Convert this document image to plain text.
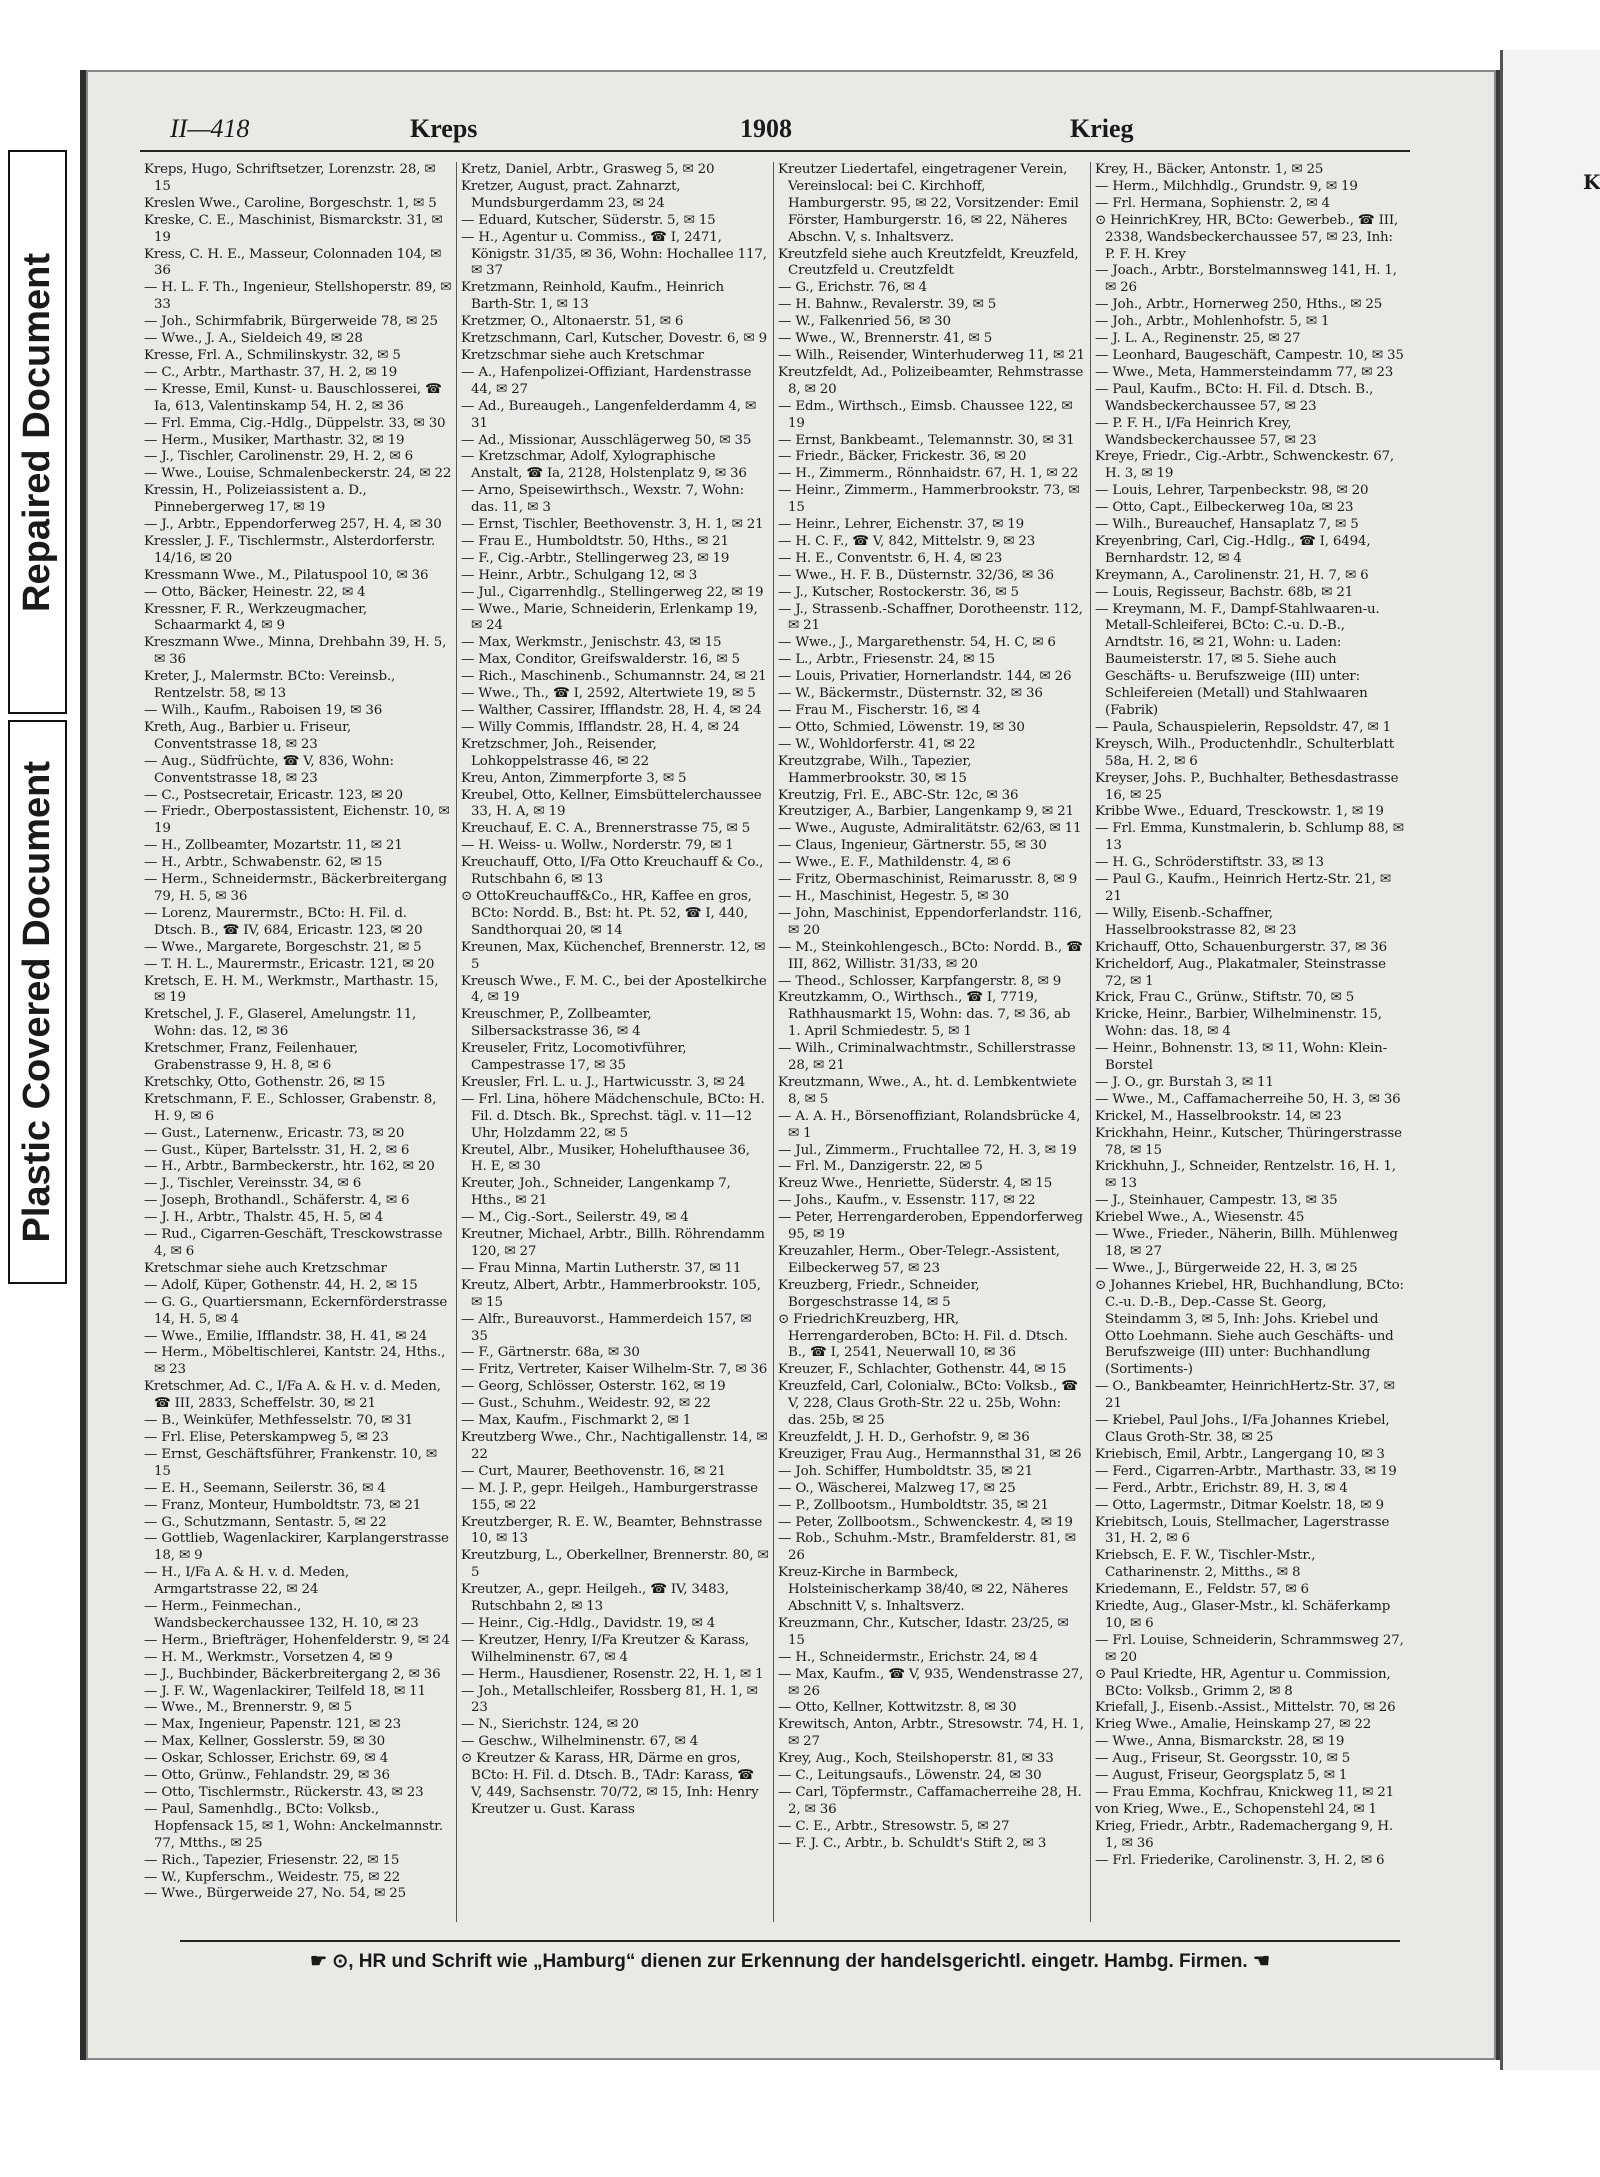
Repaired Document
Plastic Covered Document
K
II—418	Kreps	1908	Krieg

Kreps, Hugo, Schriftsetzer, Lorenzstr. 28, ✉ 15

Kreslen Wwe., Caroline, Borgeschstr. 1, ✉ 5

Kreske, C. E., Maschinist, Bismarckstr. 31, ✉ 19

Kress, C. H. E., Masseur, Colonnaden 104, ✉ 36

— H. L. F. Th., Ingenieur, Stellshoperstr. 89, ✉ 33

— Joh., Schirmfabrik, Bürgerweide 78, ✉ 25

— Wwe., J. A., Sieldeich 49, ✉ 28

Kresse, Frl. A., Schmilinskystr. 32, ✉ 5

— C., Arbtr., Marthastr. 37, H. 2, ✉ 19

— Kresse, Emil, Kunst- u. Bauschlosserei, ☎ Ia, 613, Valentinskamp 54, H. 2, ✉ 36

— Frl. Emma, Cig.-Hdlg., Düppelstr. 33, ✉ 30

— Herm., Musiker, Marthastr. 32, ✉ 19

— J., Tischler, Carolinenstr. 29, H. 2, ✉ 6

— Wwe., Louise, Schmalenbeckerstr. 24, ✉ 22

Kressin, H., Polizeiassistent a. D., Pinnebergerweg 17, ✉ 19

— J., Arbtr., Eppendorferweg 257, H. 4, ✉ 30

Kressler, J. F., Tischlermstr., Alsterdorferstr. 14/16, ✉ 20

Kressmann Wwe., M., Pilatuspool 10, ✉ 36

— Otto, Bäcker, Heinestr. 22, ✉ 4

Kressner, F. R., Werkzeugmacher, Schaarmarkt 4, ✉ 9

Kreszmann Wwe., Minna, Drehbahn 39, H. 5, ✉ 36

Kreter, J., Malermstr. BCto: Vereinsb., Rentzelstr. 58, ✉ 13

— Wilh., Kaufm., Raboisen 19, ✉ 36

Kreth, Aug., Barbier u. Friseur, Conventstrasse 18, ✉ 23

— Aug., Südfrüchte, ☎ V, 836, Wohn: Conventstrasse 18, ✉ 23

— C., Postsecretair, Ericastr. 123, ✉ 20

— Friedr., Oberpostassistent, Eichenstr. 10, ✉ 19

— H., Zollbeamter, Mozartstr. 11, ✉ 21

— H., Arbtr., Schwabenstr. 62, ✉ 15

— Herm., Schneidermstr., Bäckerbreitergang 79, H. 5, ✉ 36

— Lorenz, Maurermstr., BCto: H. Fil. d. Dtsch. B., ☎ IV, 684, Ericastr. 123, ✉ 20

— Wwe., Margarete, Borgeschstr. 21, ✉ 5

— T. H. L., Maurermstr., Ericastr. 121, ✉ 20

Kretsch, E. H. M., Werkmstr., Marthastr. 15, ✉ 19

Kretschel, J. F., Glaserel, Amelungstr. 11, Wohn: das. 12, ✉ 36

Kretschmer, Franz, Feilenhauer, Grabenstrasse 9, H. 8, ✉ 6

Kretschky, Otto, Gothenstr. 26, ✉ 15

Kretschmann, F. E., Schlosser, Grabenstr. 8, H. 9, ✉ 6

— Gust., Laternenw., Ericastr. 73, ✉ 20

— Gust., Küper, Bartelsstr. 31, H. 2, ✉ 6

— H., Arbtr., Barmbeckerstr., htr. 162, ✉ 20

— J., Tischler, Vereinsstr. 34, ✉ 6

— Joseph, Brothandl., Schäferstr. 4, ✉ 6

— J. H., Arbtr., Thalstr. 45, H. 5, ✉ 4

— Rud., Cigarren-Geschäft, Tresckowstrasse 4, ✉ 6

Kretschmar siehe auch Kretzschmar

— Adolf, Küper, Gothenstr. 44, H. 2, ✉ 15

— G. G., Quartiersmann, Eckernförderstrasse 14, H. 5, ✉ 4

— Wwe., Emilie, Ifflandstr. 38, H. 41, ✉ 24

— Herm., Möbeltischlerei, Kantstr. 24, Hths., ✉ 23

Kretschmer, Ad. C., I/Fa A. & H. v. d. Meden, ☎ III, 2833, Scheffelstr. 30, ✉ 21

— B., Weinküfer, Methfesselstr. 70, ✉ 31

— Frl. Elise, Peterskampweg 5, ✉ 23

— Ernst, Geschäftsführer, Frankenstr. 10, ✉ 15

— E. H., Seemann, Seilerstr. 36, ✉ 4

— Franz, Monteur, Humboldtstr. 73, ✉ 21

— G., Schutzmann, Sentastr. 5, ✉ 22

— Gottlieb, Wagenlackirer, Karplangerstrasse 18, ✉ 9

— H., I/Fa A. & H. v. d. Meden, Armgartstrasse 22, ✉ 24

— Herm., Feinmechan., Wandsbeckerchaussee 132, H. 10, ✉ 23

— Herm., Briefträger, Hohenfelderstr. 9, ✉ 24

— H. M., Werkmstr., Vorsetzen 4, ✉ 9

— J., Buchbinder, Bäckerbreitergang 2, ✉ 36

— J. F. W., Wagenlackirer, Teilfeld 18, ✉ 11

— Wwe., M., Brennerstr. 9, ✉ 5

— Max, Ingenieur, Papenstr. 121, ✉ 23

— Max, Kellner, Gosslerstr. 59, ✉ 30

— Oskar, Schlosser, Erichstr. 69, ✉ 4

— Otto, Grünw., Fehlandstr. 29, ✉ 36

— Otto, Tischlermstr., Rückerstr. 43, ✉ 23

— Paul, Samenhdlg., BCto: Volksb., Hopfensack 15, ✉ 1, Wohn: Anckelmannstr. 77, Mtths., ✉ 25

— Rich., Tapezier, Friesenstr. 22, ✉ 15

— W., Kupferschm., Weidestr. 75, ✉ 22

— Wwe., Bürgerweide 27, No. 54, ✉ 25

Kretz, Daniel, Arbtr., Grasweg 5, ✉ 20

Kretzer, August, pract. Zahnarzt, Mundsburgerdamm 23, ✉ 24

— Eduard, Kutscher, Süderstr. 5, ✉ 15

— H., Agentur u. Commiss., ☎ I, 2471, Königstr. 31/35, ✉ 36, Wohn: Hochallee 117, ✉ 37

Kretzmann, Reinhold, Kaufm., Heinrich Barth-Str. 1, ✉ 13

Kretzmer, O., Altonaerstr. 51, ✉ 6

Kretzschmann, Carl, Kutscher, Dovestr. 6, ✉ 9

Kretzschmar siehe auch Kretschmar

— A., Hafenpolizei-Offiziant, Hardenstrasse 44, ✉ 27

— Ad., Bureaugeh., Langenfelderdamm 4, ✉ 31

— Ad., Missionar, Ausschlägerweg 50, ✉ 35

— Kretzschmar, Adolf, Xylographische Anstalt, ☎ Ia, 2128, Holstenplatz 9, ✉ 36

— Arno, Speisewirthsch., Wexstr. 7, Wohn: das. 11, ✉ 3

— Ernst, Tischler, Beethovenstr. 3, H. 1, ✉ 21

— Frau E., Humboldtstr. 50, Hths., ✉ 21

— F., Cig.-Arbtr., Stellingerweg 23, ✉ 19

— Heinr., Arbtr., Schulgang 12, ✉ 3

— Jul., Cigarrenhdlg., Stellingerweg 22, ✉ 19

— Wwe., Marie, Schneiderin, Erlenkamp 19, ✉ 24

— Max, Werkmstr., Jenischstr. 43, ✉ 15

— Max, Conditor, Greifswalderstr. 16, ✉ 5

— Rich., Maschinenb., Schumannstr. 24, ✉ 21

— Wwe., Th., ☎ I, 2592, Altertwiete 19, ✉ 5

— Walther, Cassirer, Ifflandstr. 28, H. 4, ✉ 24

— Willy Commis, Ifflandstr. 28, H. 4, ✉ 24

Kretzschmer, Joh., Reisender, Lohkoppelstrasse 46, ✉ 22

Kreu, Anton, Zimmerpforte 3, ✉ 5

Kreubel, Otto, Kellner, Eimsbüttelerchaussee 33, H. A, ✉ 19

Kreuchauf, E. C. A., Brennerstrasse 75, ✉ 5

— H. Weiss- u. Wollw., Norderstr. 79, ✉ 1

Kreuchauff, Otto, I/Fa Otto Kreuchauff & Co., Rutschbahn 6, ✉ 13

⊙ OttoKreuchauff&Co., HR, Kaffee en gros, BCto: Nordd. B., Bst: ht. Pt. 52, ☎ I, 440, Sandthorquai 20, ✉ 14

Kreunen, Max, Küchenchef, Brennerstr. 12, ✉ 5

Kreusch Wwe., F. M. C., bei der Apostelkirche 4, ✉ 19

Kreuschmer, P., Zollbeamter, Silbersackstrasse 36, ✉ 4

Kreuseler, Fritz, Locomotivführer, Campestrasse 17, ✉ 35

Kreusler, Frl. L. u. J., Hartwicusstr. 3, ✉ 24

— Frl. Lina, höhere Mädchenschule, BCto: H. Fil. d. Dtsch. Bk., Sprechst. tägl. v. 11—12 Uhr, Holzdamm 22, ✉ 5

Kreutel, Albr., Musiker, Hohelufthausee 36, H. E, ✉ 30

Kreuter, Joh., Schneider, Langenkamp 7, Hths., ✉ 21

— M., Cig.-Sort., Seilerstr. 49, ✉ 4

Kreutner, Michael, Arbtr., Billh. Röhrendamm 120, ✉ 27

— Frau Minna, Martin Lutherstr. 37, ✉ 11

Kreutz, Albert, Arbtr., Hammerbrookstr. 105, ✉ 15

— Alfr., Bureauvorst., Hammerdeich 157, ✉ 35

— F., Gärtnerstr. 68a, ✉ 30

— Fritz, Vertreter, Kaiser Wilhelm-Str. 7, ✉ 36

— Georg, Schlösser, Osterstr. 162, ✉ 19

— Gust., Schuhm., Weidestr. 92, ✉ 22

— Max, Kaufm., Fischmarkt 2, ✉ 1

Kreutzberg Wwe., Chr., Nachtigallenstr. 14, ✉ 22

— Curt, Maurer, Beethovenstr. 16, ✉ 21

— M. J. P., gepr. Heilgeh., Hamburgerstrasse 155, ✉ 22

Kreutzberger, R. E. W., Beamter, Behnstrasse 10, ✉ 13

Kreutzburg, L., Oberkellner, Brennerstr. 80, ✉ 5

Kreutzer, A., gepr. Heilgeh., ☎ IV, 3483, Rutschbahn 2, ✉ 13

— Heinr., Cig.-Hdlg., Davidstr. 19, ✉ 4

— Kreutzer, Henry, I/Fa Kreutzer & Karass, Wilhelminenstr. 67, ✉ 4

— Herm., Hausdiener, Rosenstr. 22, H. 1, ✉ 1

— Joh., Metallschleifer, Rossberg 81, H. 1, ✉ 23

— N., Sierichstr. 124, ✉ 20

— Geschw., Wilhelminenstr. 67, ✉ 4

⊙ Kreutzer & Karass, HR, Därme en gros, BCto: H. Fil. d. Dtsch. B., TAdr: Karass, ☎ V, 449, Sachsenstr. 70/72, ✉ 15, Inh: Henry Kreutzer u. Gust. Karass

Kreutzer Liedertafel, eingetragener Verein, Vereinslocal: bei C. Kirchhoff, Hamburgerstr. 95, ✉ 22, Vorsitzender: Emil Förster, Hamburgerstr. 16, ✉ 22, Näheres Abschn. V, s. Inhaltsverz.

Kreutzfeld siehe auch Kreutzfeldt, Kreuzfeld, Creutzfeld u. Creutzfeldt

— G., Erichstr. 76, ✉ 4

— H. Bahnw., Revalerstr. 39, ✉ 5

— W., Falkenried 56, ✉ 30

— Wwe., W., Brennerstr. 41, ✉ 5

— Wilh., Reisender, Winterhuderweg 11, ✉ 21

Kreutzfeldt, Ad., Polizeibeamter, Rehmstrasse 8, ✉ 20

— Edm., Wirthsch., Eimsb. Chaussee 122, ✉ 19

— Ernst, Bankbeamt., Telemannstr. 30, ✉ 31

— Friedr., Bäcker, Frickestr. 36, ✉ 20

— H., Zimmerm., Rönnhaidstr. 67, H. 1, ✉ 22

— Heinr., Zimmerm., Hammerbrookstr. 73, ✉ 15

— Heinr., Lehrer, Eichenstr. 37, ✉ 19

— H. C. F., ☎ V, 842, Mittelstr. 9, ✉ 23

— H. E., Conventstr. 6, H. 4, ✉ 23

— Wwe., H. F. B., Düsternstr. 32/36, ✉ 36

— J., Kutscher, Rostockerstr. 36, ✉ 5

— J., Strassenb.-Schaffner, Dorotheenstr. 112, ✉ 21

— Wwe., J., Margarethenstr. 54, H. C, ✉ 6

— L., Arbtr., Friesenstr. 24, ✉ 15

— Louis, Privatier, Hornerlandstr. 144, ✉ 26

— W., Bäckermstr., Düsternstr. 32, ✉ 36

— Frau M., Fischerstr. 16, ✉ 4

— Otto, Schmied, Löwenstr. 19, ✉ 30

— W., Wohldorferstr. 41, ✉ 22

Kreutzgrabe, Wilh., Tapezier, Hammerbrookstr. 30, ✉ 15

Kreutzig, Frl. E., ABC-Str. 12c, ✉ 36

Kreutziger, A., Barbier, Langenkamp 9, ✉ 21

— Wwe., Auguste, Admiralitätstr. 62/63, ✉ 11

— Claus, Ingenieur, Gärtnerstr. 55, ✉ 30

— Wwe., E. F., Mathildenstr. 4, ✉ 6

— Fritz, Obermaschinist, Reimarusstr. 8, ✉ 9

— H., Maschinist, Hegestr. 5, ✉ 30

— John, Maschinist, Eppendorferlandstr. 116, ✉ 20

— M., Steinkohlengesch., BCto: Nordd. B., ☎ III, 862, Willistr. 31/33, ✉ 20

— Theod., Schlosser, Karpfangerstr. 8, ✉ 9

Kreutzkamm, O., Wirthsch., ☎ I, 7719, Rathhausmarkt 15, Wohn: das. 7, ✉ 36, ab 1. April Schmiedestr. 5, ✉ 1

— Wilh., Criminalwachtmstr., Schillerstrasse 28, ✉ 21

Kreutzmann, Wwe., A., ht. d. Lembkentwiete 8, ✉ 5

— A. A. H., Börsenoffiziant, Rolandsbrücke 4, ✉ 1

— Jul., Zimmerm., Fruchtallee 72, H. 3, ✉ 19

— Frl. M., Danzigerstr. 22, ✉ 5

Kreuz Wwe., Henriette, Süderstr. 4, ✉ 15

— Johs., Kaufm., v. Essenstr. 117, ✉ 22

— Peter, Herrengarderoben, Eppendorferweg 95, ✉ 19

Kreuzahler, Herm., Ober-Telegr.-Assistent, Eilbeckerweg 57, ✉ 23

Kreuzberg, Friedr., Schneider, Borgeschstrasse 14, ✉ 5

⊙ FriedrichKreuzberg, HR, Herrengarderoben, BCto: H. Fil. d. Dtsch. B., ☎ I, 2541, Neuerwall 10, ✉ 36

Kreuzer, F., Schlachter, Gothenstr. 44, ✉ 15

Kreuzfeld, Carl, Colonialw., BCto: Volksb., ☎ V, 228, Claus Groth-Str. 22 u. 25b, Wohn: das. 25b, ✉ 25

Kreuzfeldt, J. H. D., Gerhofstr. 9, ✉ 36

Kreuziger, Frau Aug., Hermannsthal 31, ✉ 26

— Joh. Schiffer, Humboldtstr. 35, ✉ 21

— O., Wäscherei, Malzweg 17, ✉ 25

— P., Zollbootsm., Humboldtstr. 35, ✉ 21

— Peter, Zollbootsm., Schwenckestr. 4, ✉ 19

— Rob., Schuhm.-Mstr., Bramfelderstr. 81, ✉ 26

Kreuz-Kirche in Barmbeck, Holsteinischerkamp 38/40, ✉ 22, Näheres Abschnitt V, s. Inhaltsverz.

Kreuzmann, Chr., Kutscher, Idastr. 23/25, ✉ 15

— H., Schneidermstr., Erichstr. 24, ✉ 4

— Max, Kaufm., ☎ V, 935, Wendenstrasse 27, ✉ 26

— Otto, Kellner, Kottwitzstr. 8, ✉ 30

Krewitsch, Anton, Arbtr., Stresowstr. 74, H. 1, ✉ 27

Krey, Aug., Koch, Steilshoperstr. 81, ✉ 33

— C., Leitungsaufs., Löwenstr. 24, ✉ 30

— Carl, Töpfermstr., Caffamacherreihe 28, H. 2, ✉ 36

— C. E., Arbtr., Stresowstr. 5, ✉ 27

— F. J. C., Arbtr., b. Schuldt's Stift 2, ✉ 3

Krey, H., Bäcker, Antonstr. 1, ✉ 25

— Herm., Milchhdlg., Grundstr. 9, ✉ 19

— Frl. Hermana, Sophienstr. 2, ✉ 4

⊙ HeinrichKrey, HR, BCto: Gewerbeb., ☎ III, 2338, Wandsbeckerchaussee 57, ✉ 23, Inh: P. F. H. Krey

— Joach., Arbtr., Borstelmannsweg 141, H. 1, ✉ 26

— Joh., Arbtr., Hornerweg 250, Hths., ✉ 25

— Joh., Arbtr., Mohlenhofstr. 5, ✉ 1

— J. L. A., Reginenstr. 25, ✉ 27

— Leonhard, Baugeschäft, Campestr. 10, ✉ 35

— Wwe., Meta, Hammersteindamm 77, ✉ 23

— Paul, Kaufm., BCto: H. Fil. d. Dtsch. B., Wandsbeckerchaussee 57, ✉ 23

— P. F. H., I/Fa Heinrich Krey, Wandsbeckerchaussee 57, ✉ 23

Kreye, Friedr., Cig.-Arbtr., Schwenckestr. 67, H. 3, ✉ 19

— Louis, Lehrer, Tarpenbeckstr. 98, ✉ 20

— Otto, Capt., Eilbeckerweg 10a, ✉ 23

— Wilh., Bureauchef, Hansaplatz 7, ✉ 5

Kreyenbring, Carl, Cig.-Hdlg., ☎ I, 6494, Bernhardstr. 12, ✉ 4

Kreymann, A., Carolinenstr. 21, H. 7, ✉ 6

— Louis, Regisseur, Bachstr. 68b, ✉ 21

— Kreymann, M. F., Dampf-Stahlwaaren-u. Metall-Schleiferei, BCto: C.-u. D.-B., Arndtstr. 16, ✉ 21, Wohn: u. Laden: Baumeisterstr. 17, ✉ 5. Siehe auch Geschäfts- u. Berufszweige (III) unter: Schleifereien (Metall) und Stahlwaaren (Fabrik)

— Paula, Schauspielerin, Repsoldstr. 47, ✉ 1

Kreysch, Wilh., Productenhdlr., Schulterblatt 58a, H. 2, ✉ 6

Kreyser, Johs. P., Buchhalter, Bethesdastrasse 16, ✉ 25

Kribbe Wwe., Eduard, Tresckowstr. 1, ✉ 19

— Frl. Emma, Kunstmalerin, b. Schlump 88, ✉ 13

— H. G., Schröderstiftstr. 33, ✉ 13

— Paul G., Kaufm., Heinrich Hertz-Str. 21, ✉ 21

— Willy, Eisenb.-Schaffner, Hasselbrookstrasse 82, ✉ 23

Krichauff, Otto, Schauenburgerstr. 37, ✉ 36

Kricheldorf, Aug., Plakatmaler, Steinstrasse 72, ✉ 1

Krick, Frau C., Grünw., Stiftstr. 70, ✉ 5

Kricke, Heinr., Barbier, Wilhelminenstr. 15, Wohn: das. 18, ✉ 4

— Heinr., Bohnenstr. 13, ✉ 11, Wohn: Klein-Borstel

— J. O., gr. Burstah 3, ✉ 11

— Wwe., M., Caffamacherreihe 50, H. 3, ✉ 36

Krickel, M., Hasselbrookstr. 14, ✉ 23

Krickhahn, Heinr., Kutscher, Thüringerstrasse 78, ✉ 15

Krickhuhn, J., Schneider, Rentzelstr. 16, H. 1, ✉ 13

— J., Steinhauer, Campestr. 13, ✉ 35

Kriebel Wwe., A., Wiesenstr. 45

— Wwe., Frieder., Näherin, Billh. Mühlenweg 18, ✉ 27

— Wwe., J., Bürgerweide 22, H. 3, ✉ 25

⊙ Johannes Kriebel, HR, Buchhandlung, BCto: C.-u. D.-B., Dep.-Casse St. Georg, Steindamm 3, ✉ 5, Inh: Johs. Kriebel und Otto Loehmann. Siehe auch Geschäfts- und Berufszweige (III) unter: Buchhandlung (Sortiments-)

— O., Bankbeamter, HeinrichHertz-Str. 37, ✉ 21

— Kriebel, Paul Johs., I/Fa Johannes Kriebel, Claus Groth-Str. 38, ✉ 25

Kriebisch, Emil, Arbtr., Langergang 10, ✉ 3

— Ferd., Cigarren-Arbtr., Marthastr. 33, ✉ 19

— Ferd., Arbtr., Erichstr. 89, H. 3, ✉ 4

— Otto, Lagermstr., Ditmar Koelstr. 18, ✉ 9

Kriebitsch, Louis, Stellmacher, Lagerstrasse 31, H. 2, ✉ 6

Kriebsch, E. F. W., Tischler-Mstr., Catharinenstr. 2, Mitths., ✉ 8

Kriedemann, E., Feldstr. 57, ✉ 6

Kriedte, Aug., Glaser-Mstr., kl. Schäferkamp 10, ✉ 6

— Frl. Louise, Schneiderin, Schrammsweg 27, ✉ 20

⊙ Paul Kriedte, HR, Agentur u. Commission, BCto: Volksb., Grimm 2, ✉ 8

Kriefall, J., Eisenb.-Assist., Mittelstr. 70, ✉ 26

Krieg Wwe., Amalie, Heinskamp 27, ✉ 22

— Wwe., Anna, Bismarckstr. 28, ✉ 19

— Aug., Friseur, St. Georgsstr. 10, ✉ 5

— August, Friseur, Georgsplatz 5, ✉ 1

— Frau Emma, Kochfrau, Knickweg 11, ✉ 21

von Krieg, Wwe., E., Schopenstehl 24, ✉ 1

Krieg, Friedr., Arbtr., Rademachergang 9, H. 1, ✉ 36

— Frl. Friederike, Carolinenstr. 3, H. 2, ✉ 6

☛ ⊙, HR und Schrift wie „Hamburg“ dienen zur Erkennung der handelsgerichtl. eingetr. Hambg. Firmen. ☚
